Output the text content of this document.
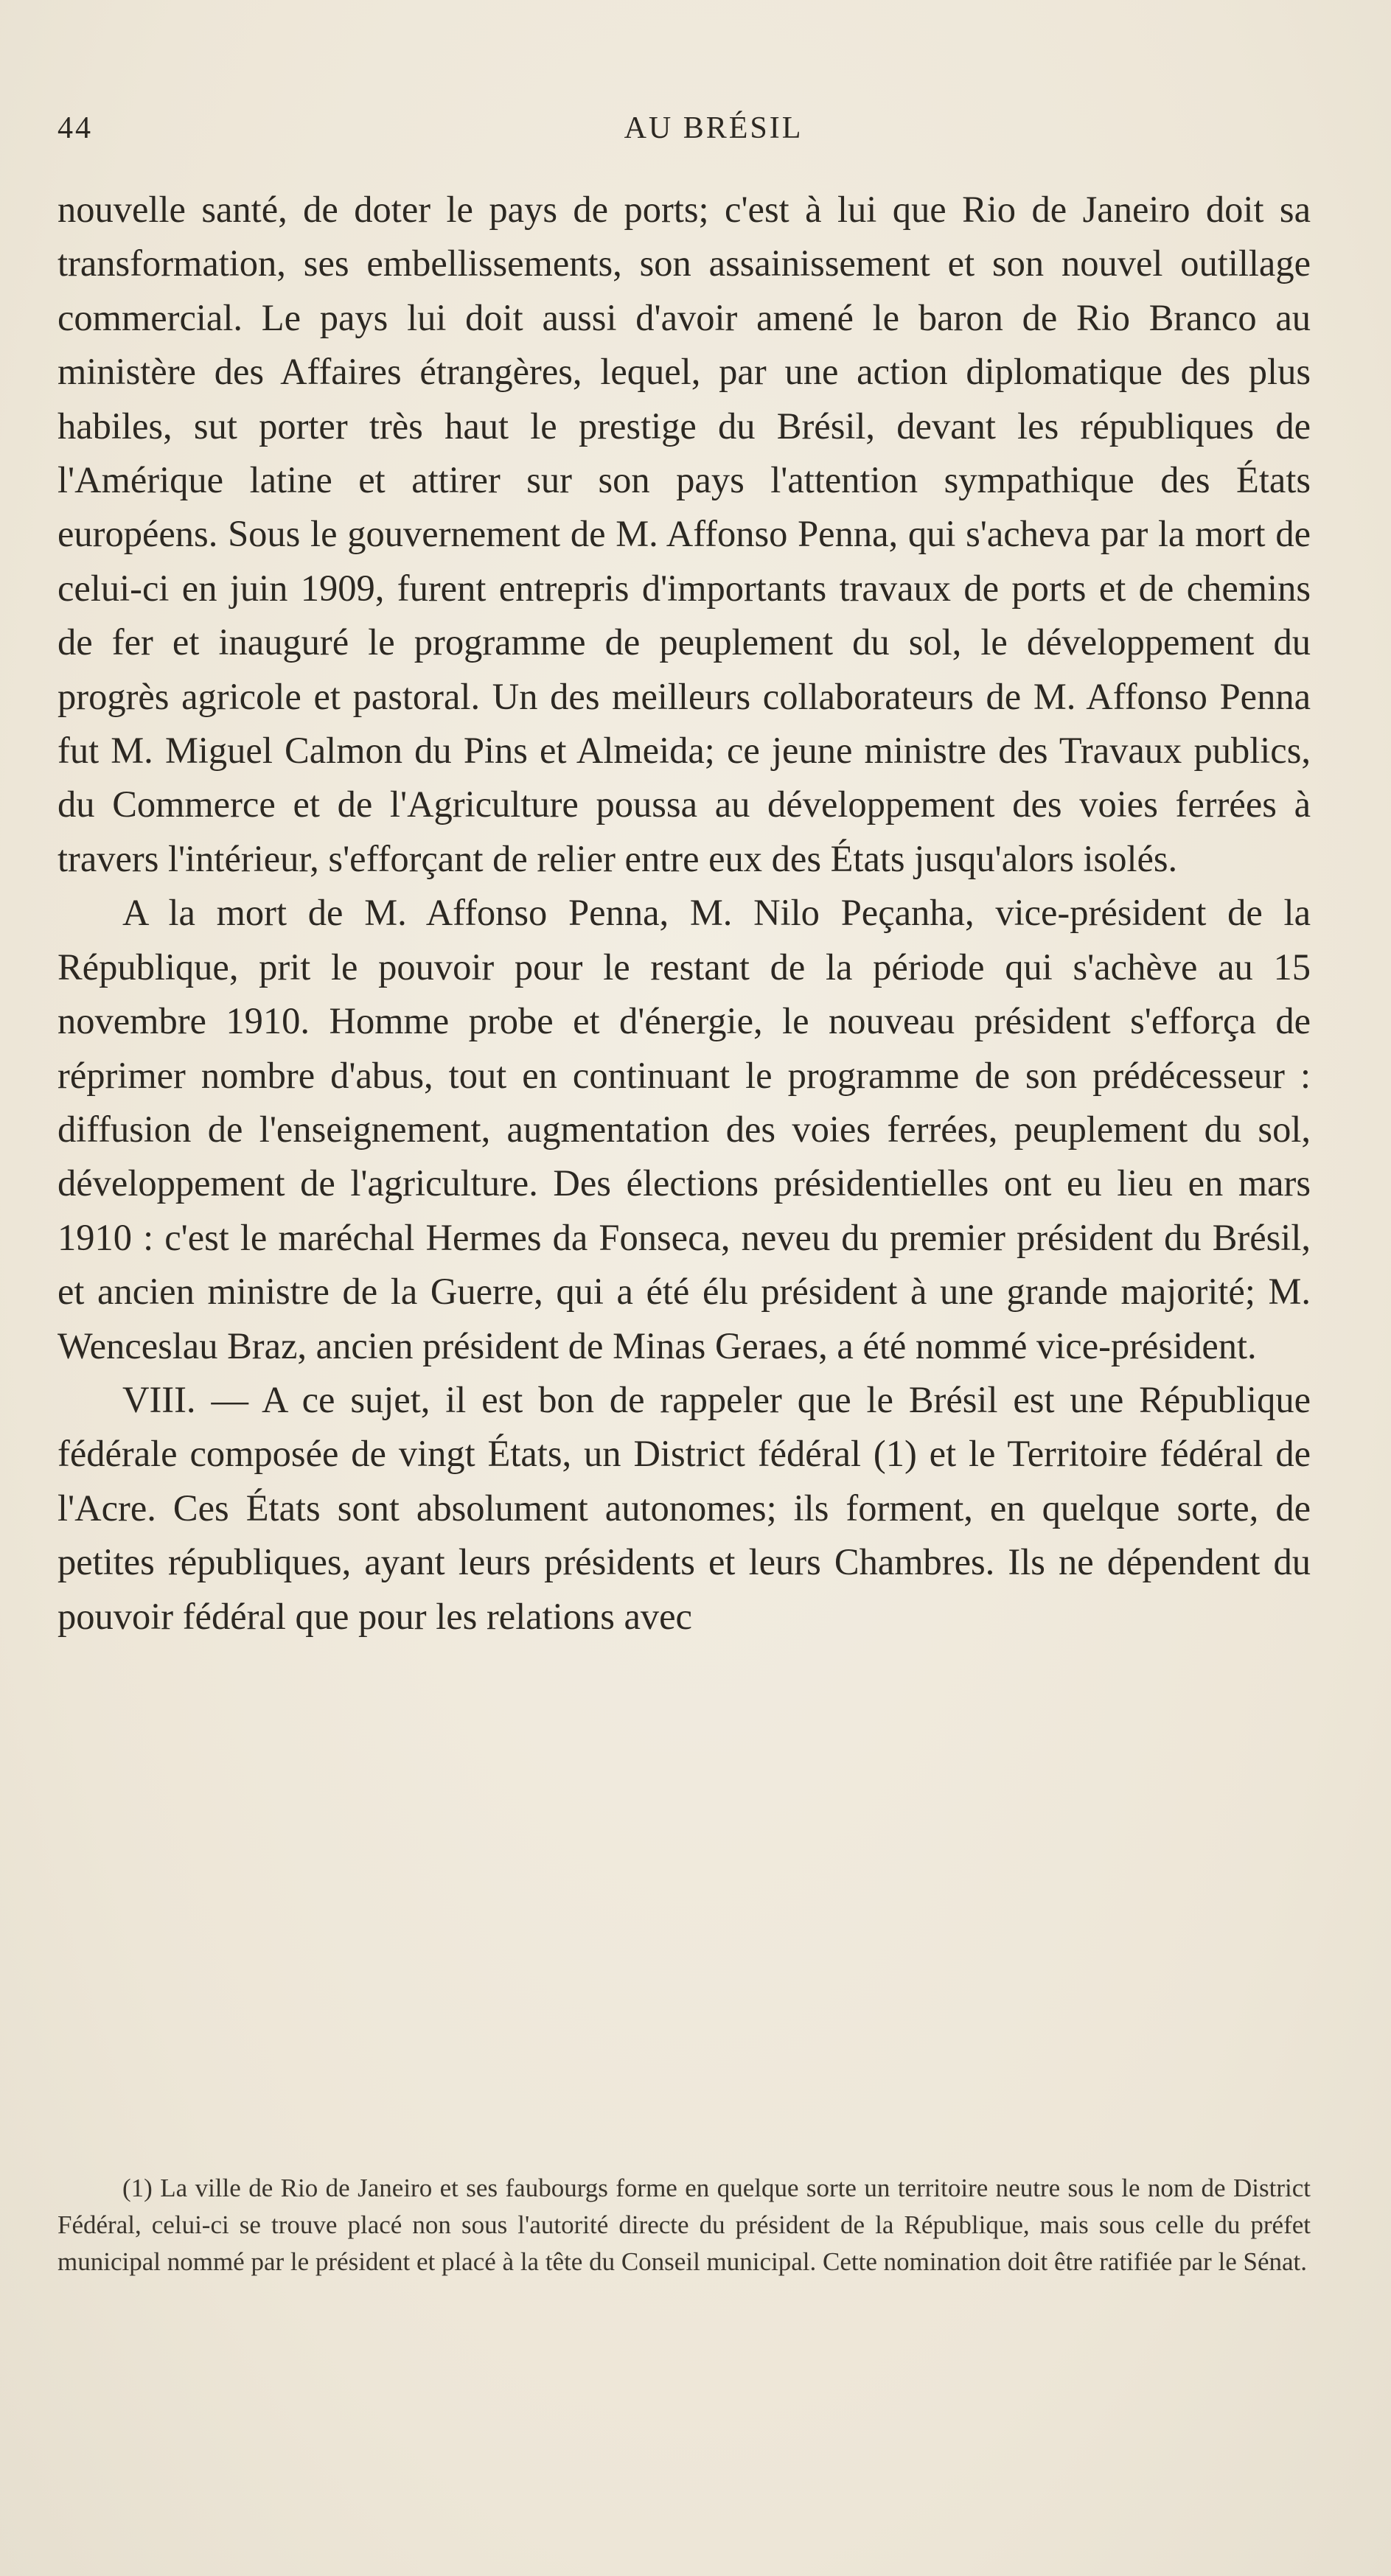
44	AU BRÉSIL

nouvelle santé, de doter le pays de ports; c'est à lui que Rio de Janeiro doit sa transformation, ses embellissements, son assainissement et son nouvel outillage commercial. Le pays lui doit aussi d'avoir amené le baron de Rio Branco au ministère des Affaires étrangères, lequel, par une action diplomatique des plus habiles, sut porter très haut le prestige du Brésil, devant les républiques de l'Amérique latine et attirer sur son pays l'attention sympathique des États européens. Sous le gouvernement de M. Affonso Penna, qui s'acheva par la mort de celui-ci en juin 1909, furent entrepris d'importants travaux de ports et de chemins de fer et inauguré le programme de peuplement du sol, le développement du progrès agricole et pastoral. Un des meilleurs collaborateurs de M. Affonso Penna fut M. Miguel Calmon du Pins et Almeida; ce jeune ministre des Travaux publics, du Commerce et de l'Agriculture poussa au développement des voies ferrées à travers l'intérieur, s'efforçant de relier entre eux des États jusqu'alors isolés.

A la mort de M. Affonso Penna, M. Nilo Peçanha, vice-président de la République, prit le pouvoir pour le restant de la période qui s'achève au 15 novembre 1910. Homme probe et d'énergie, le nouveau président s'efforça de réprimer nombre d'abus, tout en continuant le programme de son prédécesseur : diffusion de l'enseignement, augmentation des voies ferrées, peuplement du sol, développement de l'agriculture. Des élections présidentielles ont eu lieu en mars 1910 : c'est le maréchal Hermes da Fonseca, neveu du premier président du Brésil, et ancien ministre de la Guerre, qui a été élu président à une grande majorité; M. Wenceslau Braz, ancien président de Minas Geraes, a été nommé vice-président.

VIII. — A ce sujet, il est bon de rappeler que le Brésil est une République fédérale composée de vingt États, un District fédéral (1) et le Territoire fédéral de l'Acre. Ces États sont absolument autonomes; ils forment, en quelque sorte, de petites républiques, ayant leurs présidents et leurs Chambres. Ils ne dépendent du pouvoir fédéral que pour les relations avec

(1) La ville de Rio de Janeiro et ses faubourgs forme en quelque sorte un territoire neutre sous le nom de District Fédéral, celui-ci se trouve placé non sous l'autorité directe du président de la République, mais sous celle du préfet municipal nommé par le président et placé à la tête du Conseil municipal. Cette nomination doit être ratifiée par le Sénat.
